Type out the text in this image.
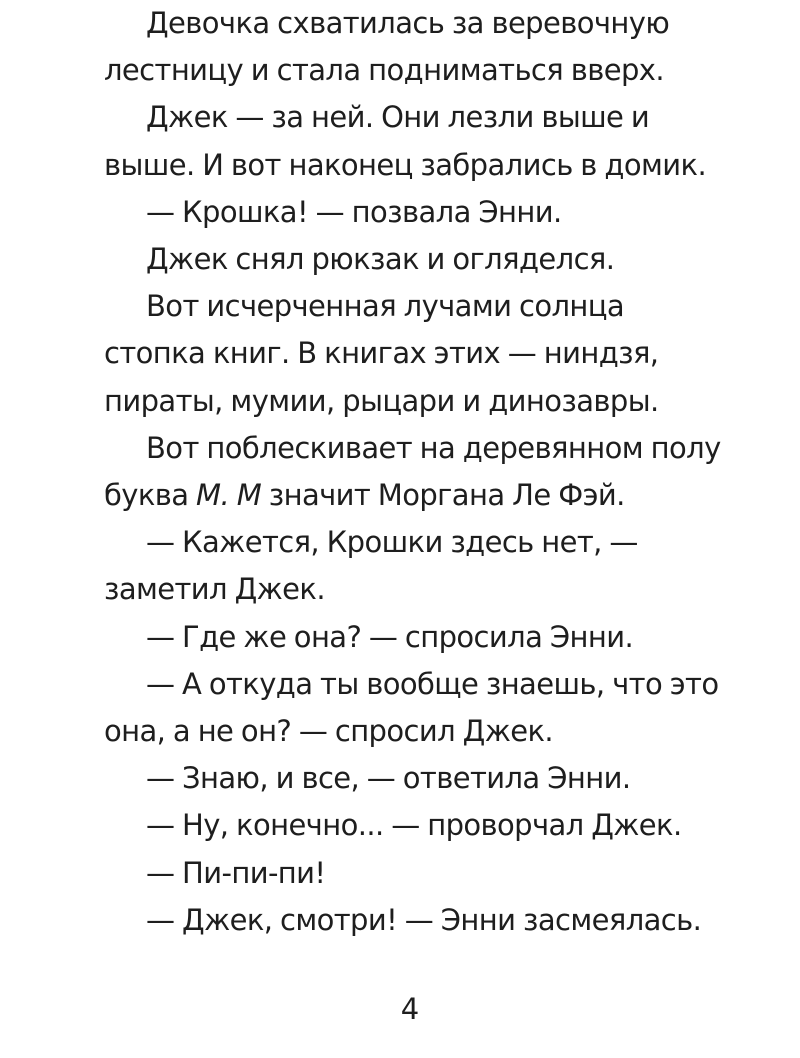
Девочка схватилась за веревочную
лестницу и стала подниматься вверх.

Джек — за ней. Они лезли выше и
выше. И вот наконец забрались в домик.

— Крошка! — позвала Энни.

Джек снял рюкзак и огляделся.

Вот исчерченная лучами солнца
стопка книг. В книгах этих — ниндзя,
пираты, мумии, рыцари и динозавры.

Вот поблескивает на деревянном полу
буква М. М значит Моргана Ле Фэй.

— Кажется, Крошки здесь нет, —
заметил Джек.

— Где же она? — спросила Энни.

— А откуда ты вообще знаешь, что это
она, а не он? — спросил Джек.

— Знаю, и все, — ответила Энни.

— Ну, конечно... — проворчал Джек.

— Пи-пи-пи!

— Джек, смотри! — Энни засмеялась.

4
